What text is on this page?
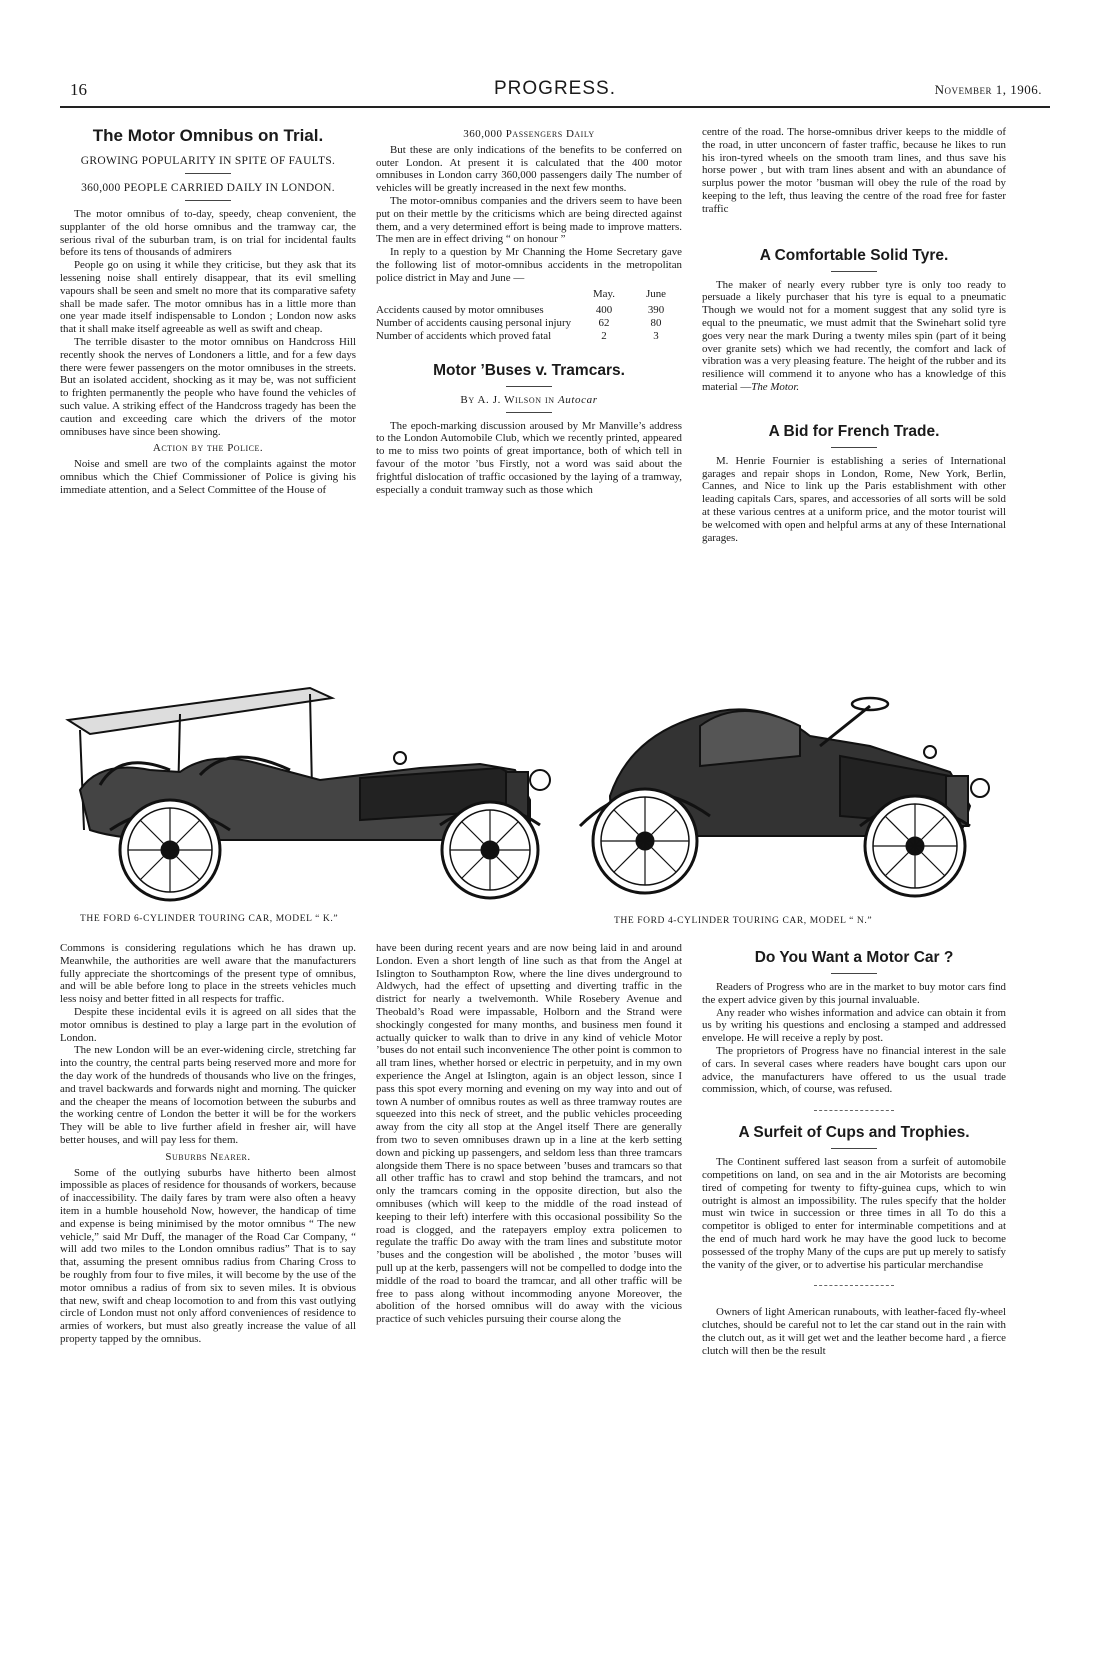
16	PROGRESS.	November 1, 1906.
The Motor Omnibus on Trial.
GROWING POPULARITY IN SPITE OF FAULTS.
360,000 PEOPLE CARRIED DAILY IN LONDON.

The motor omnibus of to-day, speedy, cheap convenient, the supplanter of the old horse omnibus and the tramway car, the serious rival of the suburban tram, is on trial for incidental faults before its tens of thousands of admirers

People go on using it while they criticise, but they ask that its lessening noise shall entirely disappear, that its evil smelling vapours shall be seen and smelt no more that its comparative safety shall be made safer. The motor omnibus has in a little more than one year made itself indispensable to London ; London now asks that it shall make itself agreeable as well as swift and cheap.

The terrible disaster to the motor omnibus on Handcross Hill recently shook the nerves of Londoners a little, and for a few days there were fewer passengers on the motor omnibuses in the streets. But an isolated accident, shocking as it may be, was not sufficient to frighten permanently the people who have found the vehicles of such value. A striking effect of the Handcross tragedy has been the caution and exceeding care which the drivers of the motor omnibuses have since been showing.

Action by the Police.

Noise and smell are two of the complaints against the motor omnibus which the Chief Commissioner of Police is giving his immediate attention, and a Select Committee of the House of

360,000 Passengers Daily

But these are only indications of the benefits to be conferred on outer London. At present it is calculated that the 400 motor omnibuses in London carry 360,000 passengers daily The number of vehicles will be greatly increased in the next few months.

The motor-omnibus companies and the drivers seem to have been put on their mettle by the criticisms which are being directed against them, and a very determined effort is being made to improve matters. The men are in effect driving “ on honour ”

In reply to a question by Mr Channing the Home Secretary gave the following list of motor-omnibus accidents in the metropolitan police district in May and June —

	May.	June
Accidents caused by motor omnibuses	400	390
Number of accidents causing personal injury	62	80
Number of accidents which proved fatal	2	3
Motor ’Buses v. Tramcars.
By A. J. Wilson in Autocar

The epoch-marking discussion aroused by Mr Manville’s address to the London Automobile Club, which we recently printed, appeared to me to miss two points of great importance, both of which tell in favour of the motor ’bus Firstly, not a word was said about the frightful dislocation of traffic occasioned by the laying of a tramway, especially a conduit tramway such as those which

centre of the road. The horse-omnibus driver keeps to the middle of the road, in utter unconcern of faster traffic, because he likes to run his iron-tyred wheels on the smooth tram lines, and thus save his horse power , but with tram lines absent and with an abundance of surplus power the motor ’busman will obey the rule of the road by keeping to the left, thus leaving the centre of the road free for faster traffic

A Comfortable Solid Tyre.

The maker of nearly every rubber tyre is only too ready to persuade a likely purchaser that his tyre is equal to a pneumatic Though we would not for a moment suggest that any solid tyre is equal to the pneumatic, we must admit that the Swinehart solid tyre goes very near the mark During a twenty miles spin (part of it being over granite sets) which we had recently, the comfort and lack of vibration was a very pleasing feature. The height of the rubber and its resilience will commend it to anyone who has a knowledge of this material —The Motor.

A Bid for French Trade.

M. Henrie Fournier is establishing a series of International garages and repair shops in London, Rome, New York, Berlin, Cannes, and Nice to link up the Paris establishment with other leading capitals Cars, spares, and accessories of all sorts will be sold at these various centres at a uniform price, and the motor tourist will be welcomed with open and helpful arms at any of these International garages.

THE FORD 6-CYLINDER TOURING CAR, MODEL “ K.”	THE FORD 4-CYLINDER TOURING CAR, MODEL “ N.”

Commons is considering regulations which he has drawn up. Meanwhile, the authorities are well aware that the manufacturers fully appreciate the shortcomings of the present type of omnibus, and will be able before long to place in the streets vehicles much less noisy and better fitted in all respects for traffic.

Despite these incidental evils it is agreed on all sides that the motor omnibus is destined to play a large part in the evolution of London.

The new London will be an ever-widening circle, stretching far into the country, the central parts being reserved more and more for the day work of the hundreds of thousands who live on the fringes, and travel backwards and forwards night and morning. The quicker and the cheaper the means of locomotion between the suburbs and the working centre of London the better it will be for the workers They will be able to live further afield in fresher air, will have better houses, and will pay less for them.

Suburbs Nearer.

Some of the outlying suburbs have hitherto been almost impossible as places of residence for thousands of workers, because of inaccessibility. The daily fares by tram were also often a heavy item in a humble household Now, however, the handicap of time and expense is being minimised by the motor omnibus “ The new vehicle,” said Mr Duff, the manager of the Road Car Company, “ will add two miles to the London omnibus radius” That is to say that, assuming the present omnibus radius from Charing Cross to be roughly from four to five miles, it will become by the use of the motor omnibus a radius of from six to seven miles. It is obvious that new, swift and cheap locomotion to and from this vast outlying circle of London must not only afford conveniences of residence to armies of workers, but must also greatly increase the value of all property tapped by the omnibus.

have been during recent years and are now being laid in and around London. Even a short length of line such as that from the Angel at Islington to Southampton Row, where the line dives underground to Aldwych, had the effect of upsetting and diverting traffic in the district for nearly a twelvemonth. While Rosebery Avenue and Theobald’s Road were impassable, Holborn and the Strand were shockingly congested for many months, and business men found it actually quicker to walk than to drive in any kind of vehicle Motor ’buses do not entail such inconvenience The other point is common to all tram lines, whether horsed or electric in perpetuity, and in my own experience the Angel at Islington, again is an object lesson, since I pass this spot every morning and evening on my way into and out of town A number of omnibus routes as well as three tramway routes are squeezed into this neck of street, and the public vehicles proceeding away from the city all stop at the Angel itself There are generally from two to seven omnibuses drawn up in a line at the kerb setting down and picking up passengers, and seldom less than three tramcars alongside them There is no space between ’buses and tramcars so that all other traffic has to crawl and stop behind the tramcars, and not only the tramcars coming in the opposite direction, but also the omnibuses (which will keep to the middle of the road instead of keeping to their left) interfere with this occasional possibility So the road is clogged, and the ratepayers employ extra policemen to regulate the traffic Do away with the tram lines and substitute motor ’buses and the congestion will be abolished , the motor ’buses will pull up at the kerb, passengers will not be compelled to dodge into the middle of the road to board the tramcar, and all other traffic will be free to pass along without incommoding anyone Moreover, the abolition of the horsed omnibus will do away with the vicious practice of such vehicles pursuing their course along the

Do You Want a Motor Car ?

Readers of Progress who are in the market to buy motor cars find the expert advice given by this journal invaluable.

Any reader who wishes information and advice can obtain it from us by writing his questions and enclosing a stamped and addressed envelope. He will receive a reply by post.

The proprietors of Progress have no financial interest in the sale of cars. In several cases where readers have bought cars upon our advice, the manufacturers have offered to us the usual trade commission, which, of course, was refused.

A Surfeit of Cups and Trophies.

The Continent suffered last season from a surfeit of automobile competitions on land, on sea and in the air Motorists are becoming tired of competing for twenty to fifty-guinea cups, which to win outright is almost an impossibility. The rules specify that the holder must win twice in succession or three times in all To do this a competitor is obliged to enter for interminable competitions and at the end of much hard work he may have the good luck to become possessed of the trophy Many of the cups are put up merely to satisfy the vanity of the giver, or to advertise his particular merchandise

Owners of light American runabouts, with leather-faced fly-wheel clutches, should be careful not to let the car stand out in the rain with the clutch out, as it will get wet and the leather become hard , a fierce clutch will then be the result
